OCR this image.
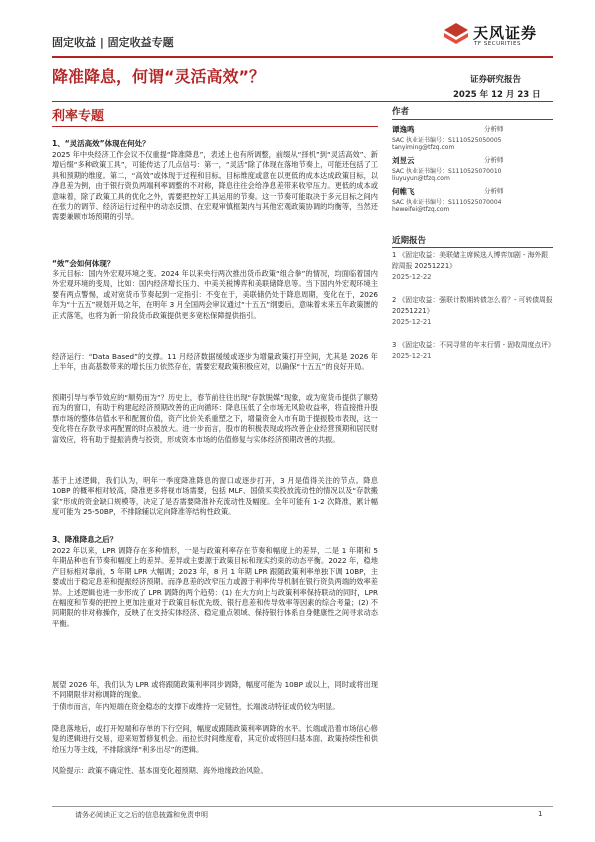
固定收益 | 固定收益专题
天风证券
TF SECURITIES
降准降息，何谓“灵活高效”？	证券研究报告
2025 年 12 月 23 日
利率专题
1、“灵活高效”体现在何处？
2025 年中央经济工作会议不仅重提“降准降息”，表述上也有所调整，前缀从“择机”到“灵活高效”、新增后缀“多种政策工具”，可能传达了几点信号：第一，“灵活”除了体现在落地节奏上，可能还包括了工具和预期的维度。第二，“高效”或体现于过程和目标。目标维度或意在以更低的成本达成政策目标，以净息差为例，由于银行资负两端利率调整的不对称，降息往往会给净息差带来收窄压力。更低的成本或意味着，除了政策工具的优化之外，需要把控好工具运用的节奏。这一节奏可能取决于多元目标之间内在张力的调节、经济运行过程中的动态反馈、在宏观审慎框架内与其他宏观政策协调的均衡等，当然还需要兼顾市场预期的引导。
“效”会如何体现？
多元目标：国内外宏观环境之变。2024 年以来央行两次推出货币政策“组合拳”的情况，均面临着国内外宏观环境的变局，比如：国内经济增长压力、中美关税博弈和美联储降息等。当下国内外宏观环境主要有两点警惕，或对宽货币节奏起到一定指引：不变在于，美联储仍处于降息周期，变化在于，2026 年为“十五五”规划开局之年，在明年 3 月全国两会审议通过“十五五”纲要后，意味着未来五年政策匮的正式落笔，也将为新一阶段货币政策提供更多宽松保障提供指引。
经济运行：“Data Based”的支撑。11 月经济数据缓缓或逐步为增量政策打开空间，尤其是 2026 年上半年，由高基数带来的增长压力依然存在，需要宏观政策积极应对，以确保“十五五”的良好开局。
预期引导与季节效应的“顺势而为”？历史上，春节前往往出现“存款脱媒”现象，或为宽货币提供了顺势而为的窗口，有助于构建起经济预期改善的正向循环：降息压低了全市场无风险收益率，将直接推升股票市场的整体估值水平和配置价值，资产比价关系重塑之下，增量资金入市有助于提振股市表现，这一变化将在存款寻求再配置的时点被放大。进一步而言，股市的积极表现或将改善企业经营预期和居民财富效应，将有助于提振消费与投资，形成资本市场的估值修复与实体经济预期改善的共振。
基于上述逻辑，我们认为，明年一季度降准降息的窗口或逐步打开，3 月是值得关注的节点。降息 10BP 的概率相对较高，降准更多将视市场需要，包括 MLF、国债买卖投放流动性的情况以及“存款搬家”形成的资金缺口规模等，决定了是否需要降准补充流动性及幅度。全年可能有 1-2 次降准，累计幅度可能为 25-50BP，不排除辅以定向降准等结构性政策。
3、降准降息之后？
2022 年以来，LPR 调降存在多种情形，一是与政策利率存在节奏和幅度上的差异，二是 1 年期和 5 年期品种也有节奏和幅度上的差异。差异或主要源于政策目标和现实约束的动态平衡。2022 年，稳地产目标相对靠前，5 年期 LPR 大幅调；2023 年，8 月 1 年期 LPR 跟随政策利率单独下调 10BP，主要或出于稳定息差和提振经济预期。而净息差的改窄压力或源于利率传导机制在银行资负两端的效率差异。上述逻辑也进一步形成了 LPR 调降的两个趋势：(1) 在大方向上与政策利率保持联动的同时，LPR 在幅度和节奏的把控上更加注重对于政策目标优先级、银行息差和传导效率等因素的综合考量；(2) 不同期限的非对称操作，反映了在支持实体经济、稳定重点领域、保持银行体系自身健康性之间寻求动态平衡。
展望 2026 年，我们认为 LPR 或将跟随政策利率同步调降，幅度可能为 10BP 或以上，同时或将出现不同期限非对称调降的现象。
于债市而言，年内短端在资金稳态的支撑下或维持一定韧性，长端波动特征或仍较为明显。
降息落地后，或打开短端和存单的下行空间，幅度或跟随政策利率调降的水平。长端或沿着市场信心修复的逻辑进行交易，迎来短暂修复机会。而拉长时间维度看，其定价或将回归基本面、政策持续性和供给压力等主线，不排除演绎“利多出尽”的逻辑。
风险提示：政策不确定性、基本面变化超预期、海外地缘政治风险。
作者
谭逸鸣	分析师
SAC 执业证书编号：S1110525050005
tanyiming@tfzq.com
刘昱云	分析师
SAC 执业证书编号：S1110525070010
liuyuyun@tfzq.com
何帷飞	分析师
SAC 执业证书编号：S1110525070004
heweifei@tfzq.com
近期报告
1 《固定收益：美联储主席候选人博弈加剧 - 海外跟踪周报 20251221》
2025-12-22
2 《固定收益：强联计数期转债怎么看？- 可转债周报 20251221》
2025-12-21
3 《固定收益：不同寻常的年末行情 - 固收周度点评》
2025-12-21
请务必阅读正文之后的信息披露和免责申明	1
